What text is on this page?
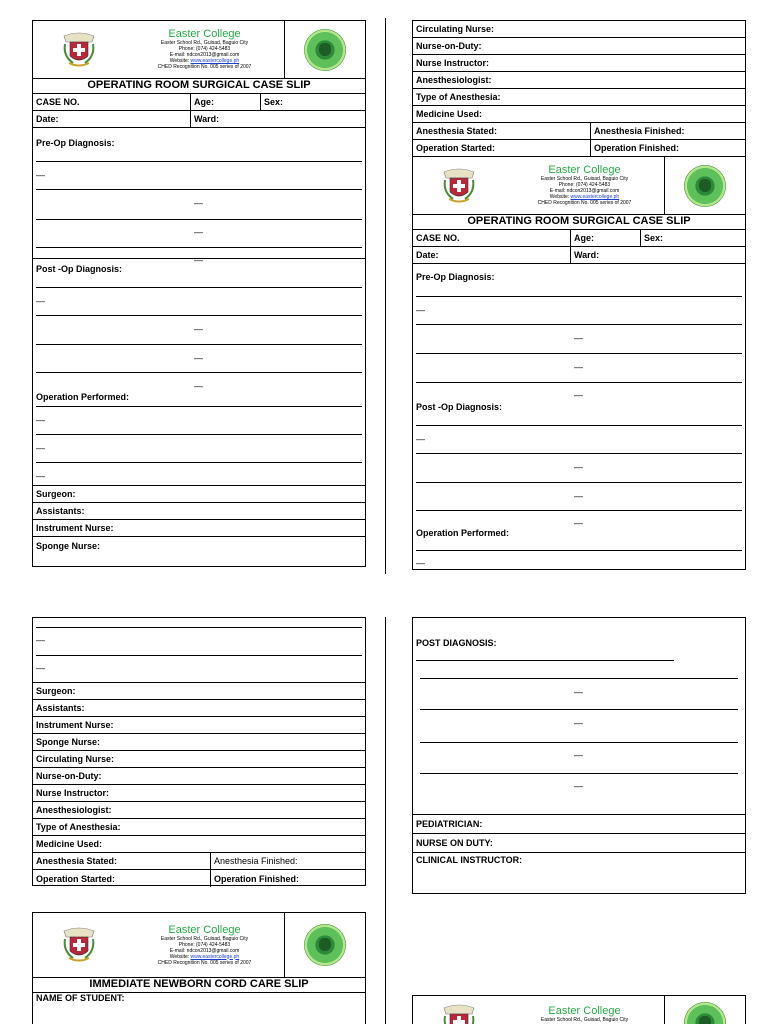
Easter College
Easter School Rd., Guisad, Baguio City
Phone: (074) 424-5483
E-mail: ndcon2013@gmail.com
Website: www.eastercollege.ph
CHED Recognition No. 005 series of 2007
OPERATING ROOM SURGICAL CASE SLIP
CASE NO.	Age:	Sex:
Date:	Ward:
Pre-Op Diagnosis:
—
—
—
—
Post -Op Diagnosis:
—
—
—
—
Operation Performed:
—
—
—
Surgeon:
Assistants:
Instrument Nurse:
Sponge Nurse:
Circulating Nurse:
Nurse-on-Duty:
Nurse Instructor:
Anesthesiologist:
Type of Anesthesia:
Medicine Used:
Anesthesia Stated:	Anesthesia Finished:
Operation Started:	Operation Finished:
Easter College
Easter School Rd., Guisad, Baguio City
Phone: (074) 424-5483
E-mail: ndcon2013@gmail.com
Website: www.eastercollege.ph
CHED Recognition No. 005 series of 2007
OPERATING ROOM SURGICAL CASE SLIP
CASE NO.	Age:	Sex:
Date:	Ward:
Pre-Op Diagnosis:
—
—
—
—
Post -Op Diagnosis:
—
—
—
—
Operation Performed:
—
—
—
Surgeon:
Assistants:
Instrument Nurse:
Sponge Nurse:
Circulating Nurse:
Nurse-on-Duty:
Nurse Instructor:
Anesthesiologist:
Type of Anesthesia:
Medicine Used:
Anesthesia Stated:	Anesthesia Finished:
Operation Started:	Operation Finished:
Easter College
Easter School Rd., Guisad, Baguio City
Phone: (074) 424-5483
E-mail: ndcon2013@gmail.com
Website: www.eastercollege.ph
CHED Recognition No. 005 series of 2007
IMMEDIATE NEWBORN CORD CARE SLIP
NAME OF STUDENT:
POST DIAGNOSIS:
—
—
—
—
PEDIATRICIAN:
NURSE ON DUTY:
CLINICAL INSTRUCTOR:
Easter College
Easter School Rd., Guisad, Baguio City
